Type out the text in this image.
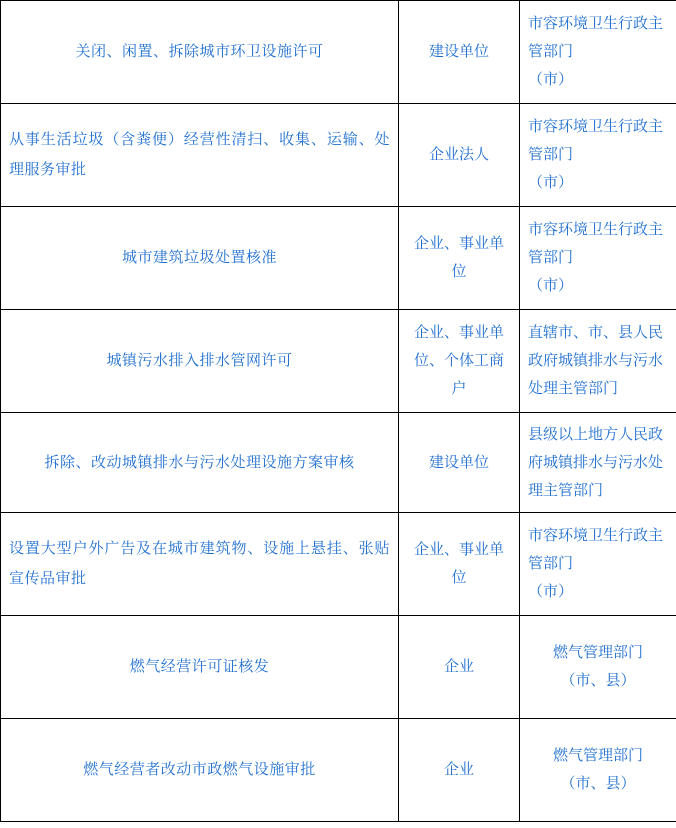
关闭、闲置、拆除城市环卫设施许可	建设单位	市容环境卫生行政主
管部门
（市）

从事生活垃圾（含粪便）经营性清扫、收集、运输、处理服务审批	企业法人	市容环境卫生行政主
管部门
（市）

城市建筑垃圾处置核准	企业、事业单位	市容环境卫生行政主
管部门
（市）

城镇污水排入排水管网许可	企业、事业单位、个体工商户	直辖市、市、县人民
政府城镇排水与污水
处理主管部门

拆除、改动城镇排水与污水处理设施方案审核	建设单位	县级以上地方人民政
府城镇排水与污水处
理主管部门

设置大型户外广告及在城市建筑物、设施上悬挂、张贴宣传品审批	企业、事业单位	市容环境卫生行政主
管部门
（市）

燃气经营许可证核发	企业	燃气管理部门
（市、县）

燃气经营者改动市政燃气设施审批	企业	燃气管理部门
（市、县）
